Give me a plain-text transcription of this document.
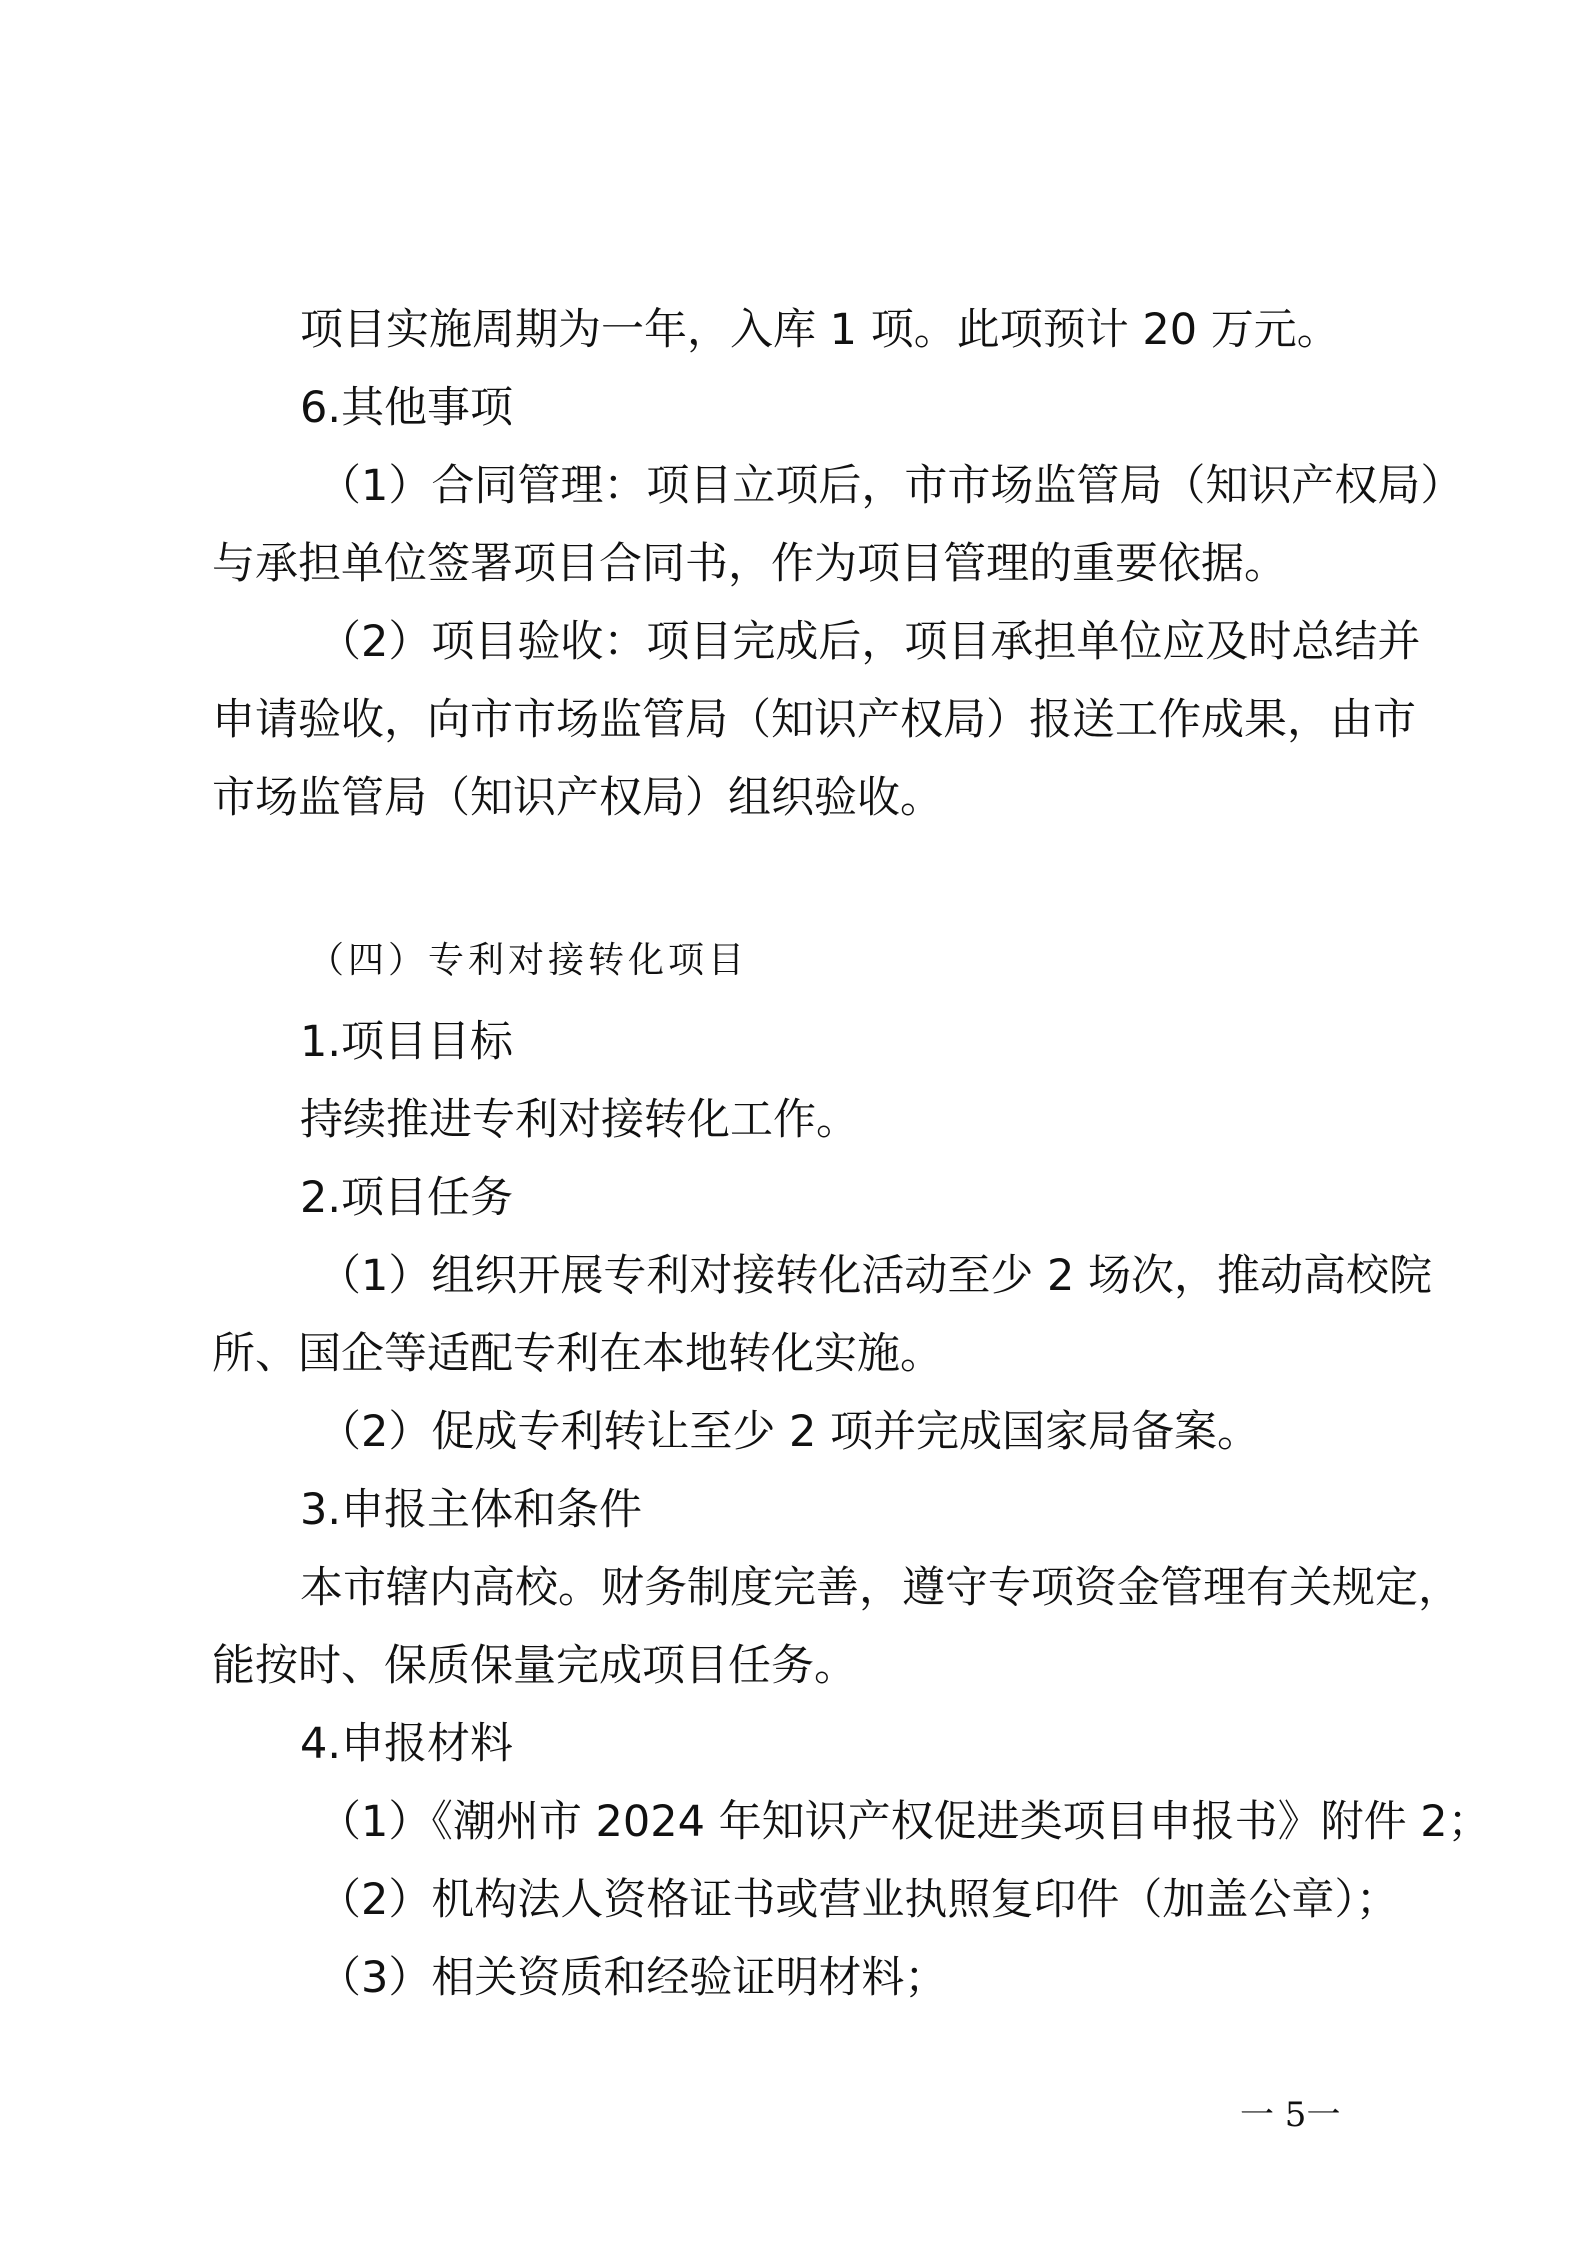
项目实施周期为一年，入库 1 项。此项预计 20 万元。
6.其他事项
（1）合同管理：项目立项后，市市场监管局（知识产权局）
与承担单位签署项目合同书，作为项目管理的重要依据。
（2）项目验收：项目完成后，项目承担单位应及时总结并
申请验收，向市市场监管局（知识产权局）报送工作成果，由市
市场监管局（知识产权局）组织验收。
（四）专利对接转化项目
1.项目目标
持续推进专利对接转化工作。
2.项目任务
（1）组织开展专利对接转化活动至少 2 场次，推动高校院
所、国企等适配专利在本地转化实施。
（2）促成专利转让至少 2 项并完成国家局备案。
3.申报主体和条件
本市辖内高校。财务制度完善，遵守专项资金管理有关规定，
能按时、保质保量完成项目任务。
4.申报材料
（1）《潮州市 2024 年知识产权促进类项目申报书》附件 2；
（2）机构法人资格证书或营业执照复印件（加盖公章）；
（3）相关资质和经验证明材料；
一 5一
